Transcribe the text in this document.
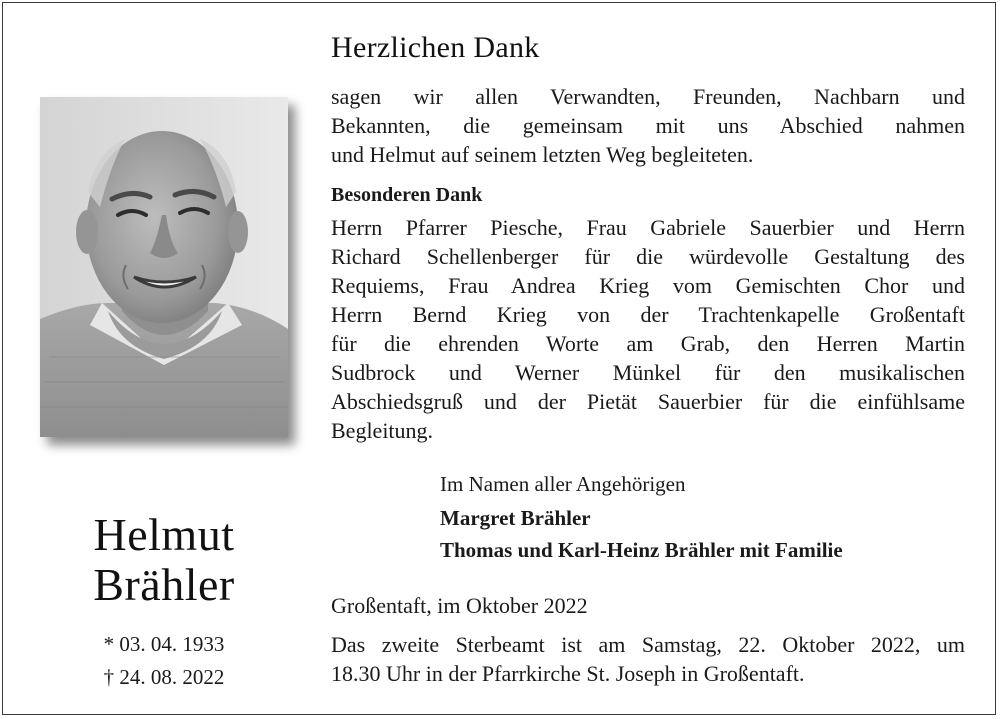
Helmut
Brähler
* 03. 04. 1933
† 24. 08. 2022
Herzlichen Dank
sagen wir allen Verwandten, Freunden, Nachbarn und
Bekannten, die gemeinsam mit uns Abschied nahmen
und Helmut auf seinem letzten Weg begleiteten.
Besonderen Dank
Herrn Pfarrer Piesche, Frau Gabriele Sauerbier und Herrn
Richard Schellenberger für die würdevolle Gestaltung des
Requiems, Frau Andrea Krieg vom Gemischten Chor und
Herrn Bernd Krieg von der Trachtenkapelle Großentaft
für die ehrenden Worte am Grab, den Herren Martin
Sudbrock und Werner Münkel für den musikalischen
Abschiedsgruß und der Pietät Sauerbier für die einfühlsame
Begleitung.
Im Namen aller Angehörigen
Margret Brähler
Thomas und Karl-Heinz Brähler mit Familie
Großentaft, im Oktober 2022
Das zweite Sterbeamt ist am Samstag, 22. Oktober 2022, um
18.30 Uhr in der Pfarrkirche St. Joseph in Großentaft.
